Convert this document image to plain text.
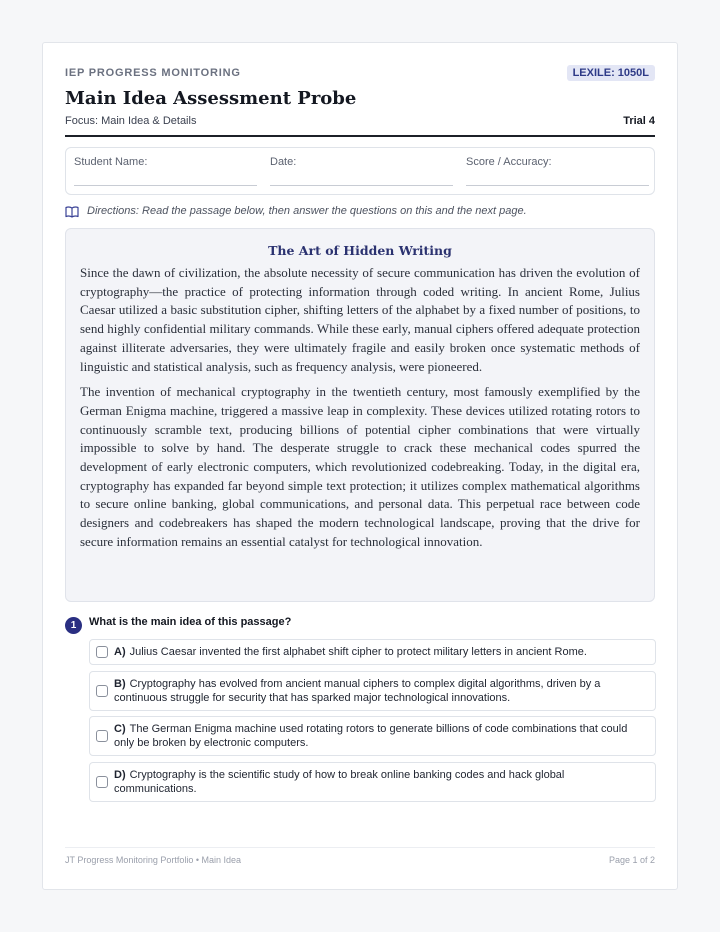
IEP PROGRESS MONITORING	LEXILE: 1050L
Main Idea Assessment Probe
Focus: Main Idea & Details	Trial 4
Student Name:	Date:	Score / Accuracy:
Directions: Read the passage below, then answer the questions on this and the next page.
The Art of Hidden Writing

Since the dawn of civilization, the absolute necessity of secure communication has driven the evolution of cryptography—the practice of protecting information through coded writing. In ancient Rome, Julius Caesar utilized a basic substitution cipher, shifting letters of the alphabet by a fixed number of positions, to send highly confidential military commands. While these early, manual ciphers offered adequate protection against illiterate adversaries, they were ultimately fragile and easily broken once systematic methods of linguistic and statistical analysis, such as frequency analysis, were pioneered.

The invention of mechanical cryptography in the twentieth century, most famously exemplified by the German Enigma machine, triggered a massive leap in complexity. These devices utilized rotating rotors to continuously scramble text, producing billions of potential cipher combinations that were virtually impossible to solve by hand. The desperate struggle to crack these mechanical codes spurred the development of early electronic computers, which revolutionized codebreaking. Today, in the digital era, cryptography has expanded far beyond simple text protection; it utilizes complex mathematical algorithms to secure online banking, global communications, and personal data. This perpetual race between code designers and codebreakers has shaped the modern technological landscape, proving that the drive for secure information remains an essential catalyst for technological innovation.

1	What is the main idea of this passage?
A) Julius Caesar invented the first alphabet shift cipher to protect military letters in ancient Rome.
B) Cryptography has evolved from ancient manual ciphers to complex digital algorithms, driven by a continuous struggle for security that has sparked major technological innovations.
C) The German Enigma machine used rotating rotors to generate billions of code combinations that could only be broken by electronic computers.
D) Cryptography is the scientific study of how to break online banking codes and hack global communications.
JT Progress Monitoring Portfolio • Main Idea	Page 1 of 2
